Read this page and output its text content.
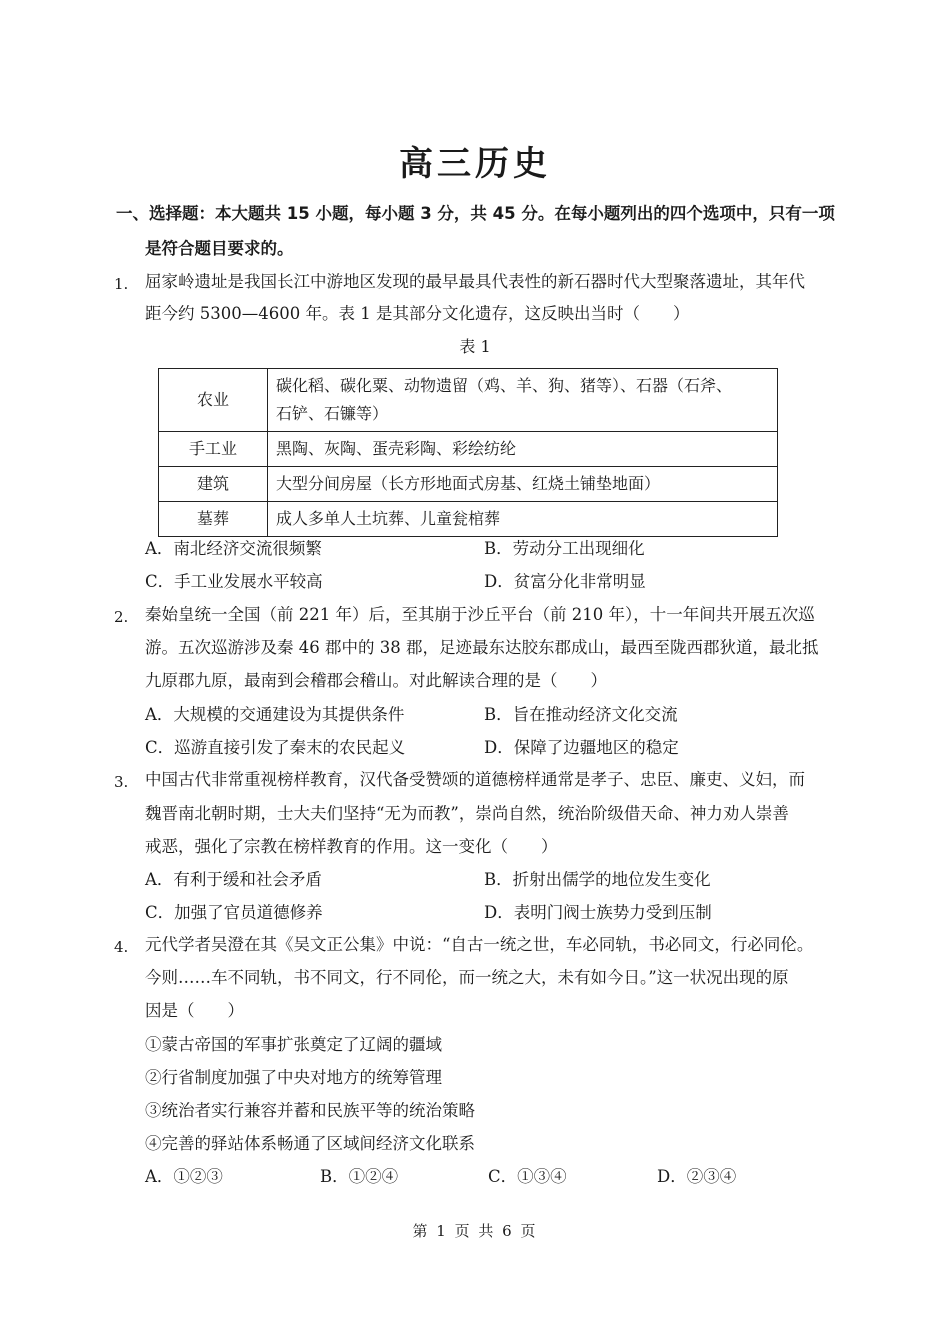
高三历史
一、选择题：本大题共 15 小题，每小题 3 分，共 45 分。在每小题列出的四个选项中，只有一项
是符合题目要求的。
1. 屈家岭遗址是我国长江中游地区发现的最早最具代表性的新石器时代大型聚落遗址，其年代
距今约 5300—4600 年。表 1 是其部分文化遗存，这反映出当时（　　）
表 1
农业	碳化稻、碳化粟、动物遗留（鸡、羊、狗、猪等）、石器（石斧、
石铲、石镰等）

手工业	黑陶、灰陶、蛋壳彩陶、彩绘纺纶
建筑	大型分间房屋（长方形地面式房基、红烧土铺垫地面）
墓葬	成人多单人土坑葬、儿童瓮棺葬
A．南北经济交流很频繁	B．劳动分工出现细化
C．手工业发展水平较高	D．贫富分化非常明显
2. 秦始皇统一全国（前 221 年）后，至其崩于沙丘平台（前 210 年），十一年间共开展五次巡
游。五次巡游涉及秦 46 郡中的 38 郡，足迹最东达胶东郡成山，最西至陇西郡狄道，最北抵
九原郡九原，最南到会稽郡会稽山。对此解读合理的是（　　）
A．大规模的交通建设为其提供条件	B．旨在推动经济文化交流
C．巡游直接引发了秦末的农民起义	D．保障了边疆地区的稳定
3. 中国古代非常重视榜样教育，汉代备受赞颂的道德榜样通常是孝子、忠臣、廉吏、义妇，而
魏晋南北朝时期，士大夫们坚持“无为而教”，崇尚自然，统治阶级借天命、神力劝人崇善
戒恶，强化了宗教在榜样教育的作用。这一变化（　　）
A．有利于缓和社会矛盾	B．折射出儒学的地位发生变化
C．加强了官员道德修养	D．表明门阀士族势力受到压制
4. 元代学者吴澄在其《吴文正公集》中说：“自古一统之世，车必同轨，书必同文，行必同伦。
今则……车不同轨，书不同文，行不同伦，而一统之大，未有如今日。”这一状况出现的原
因是（　　）
①蒙古帝国的军事扩张奠定了辽阔的疆域
②行省制度加强了中央对地方的统筹管理
③统治者实行兼容并蓄和民族平等的统治策略
④完善的驿站体系畅通了区域间经济文化联系
A．①②③	B．①②④	C．①③④	D．②③④
第 1 页 共 6 页
